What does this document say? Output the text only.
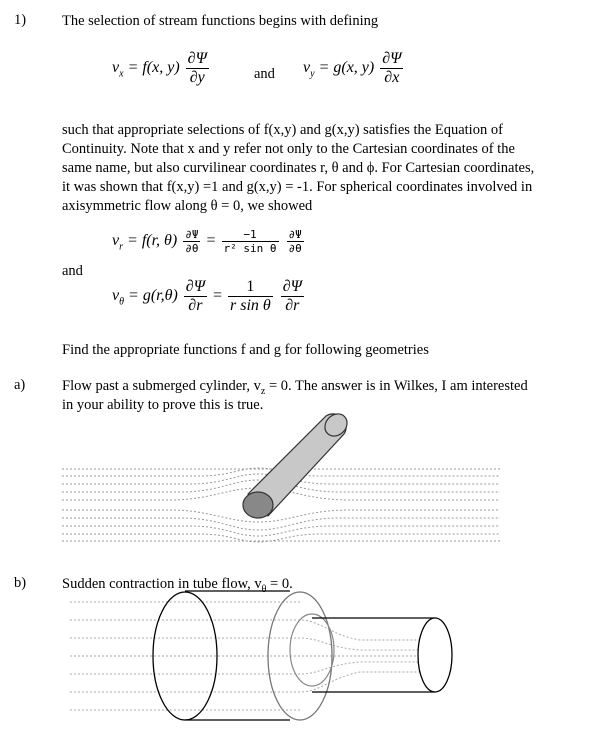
1) The selection of stream functions begins with defining
$v_x = f(x$, $y) \frac{\partial\Psi}{\partial y}$	and $v_y = g(x$, $y) \frac{\partial\Psi}{\partial x}$
such that appropriate selections of f(x,y) and g(x,y) satisfies the Equation of
Continuity. Note that x and y refer not only to the Cartesian coordinates of the
same name, but also curvilinear coordinates r, θ and ϕ. For Cartesian coordinates,
it was shown that f(x,y) =1 and g(x,y) = -1. For spherical coordinates involved in
axisymmetric flow along θ = 0, we showed
$v_r = f(r$, $\theta) \frac{\partial\Psi}{\partial\theta} = \frac{-1}{\text{r² sin θ}}$
$\frac{\partial\Psi}{\partial\theta}$
and
$v_\theta = g(r,\theta) \frac{\partial\Psi}{\partial r} = \frac{1}{\text{r sin θ}}$
$\frac{\partial\Psi}{\partial r}$
Find the appropriate functions f and g for following geometries
a)	Flow past a submerged cylinder, $v_z = 0$. The answer is in Wilkes, I am interested
in your ability to prove this is true.
b) Sudden contraction in tube flow, $v_\theta = 0$.
